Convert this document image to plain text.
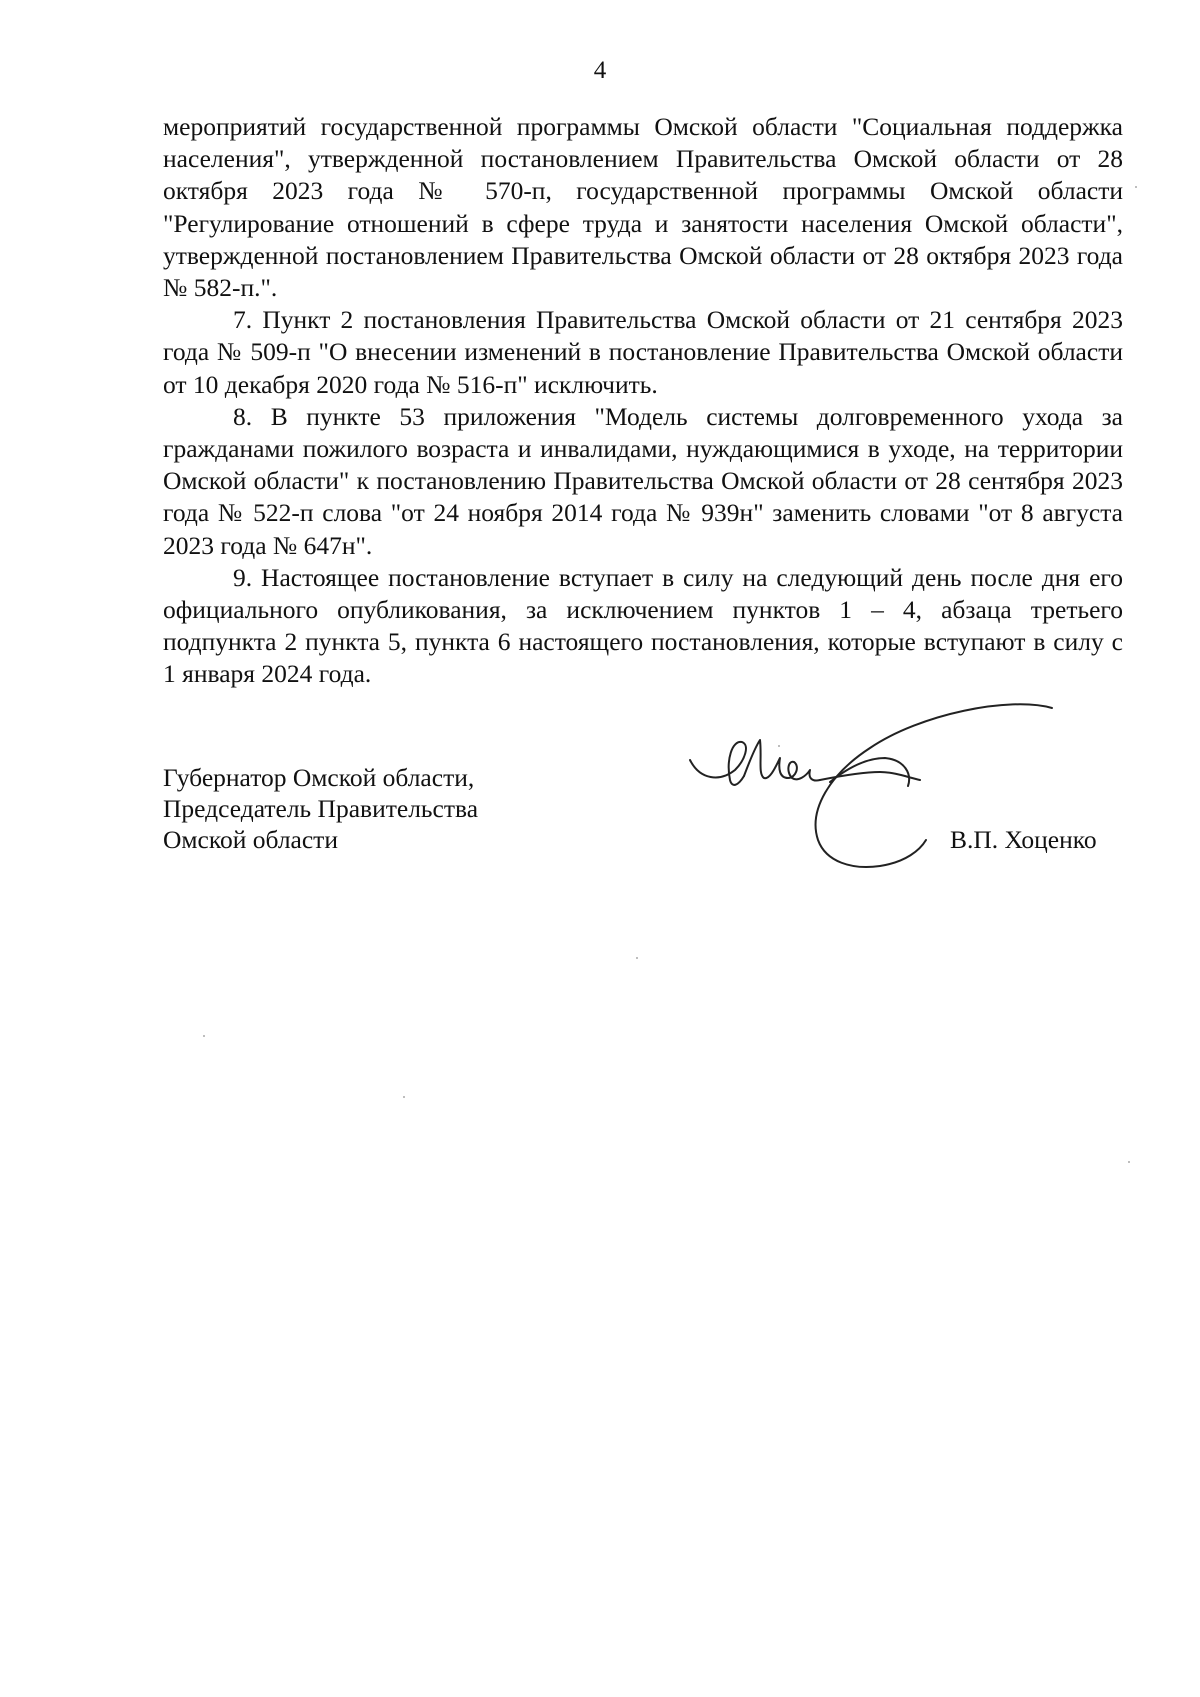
4

мероприятий государственной программы Омской области "Социальная поддержка населения", утвержденной постановлением Правительства Омской области от 28 октября 2023 года № 570-п, государственной программы Омской области "Регулирование отношений в сфере труда и занятости населения Омской области", утвержденной постановлением Правительства Омской области от 28 октября 2023 года № 582-п.".

7. Пункт 2 постановления Правительства Омской области от 21 сентября 2023 года № 509-п "О внесении изменений в постановление Правительства Омской области от 10 декабря 2020 года № 516-п" исключить.

8. В пункте 53 приложения "Модель системы долговременного ухода за гражданами пожилого возраста и инвалидами, нуждающимися в уходе, на территории Омской области" к постановлению Правительства Омской области от 28 сентября 2023 года № 522-п слова "от 24 ноября 2014 года № 939н" заменить словами "от 8 августа 2023 года № 647н".

9. Настоящее постановление вступает в силу на следующий день после дня его официального опубликования, за исключением пунктов 1 – 4, абзаца третьего подпункта 2 пункта 5, пункта 6 настоящего постановления, которые вступают в силу с 1 января 2024 года.

Губернатор Омской области,
Председатель Правительства
Омской области	В.П. Хоценко
